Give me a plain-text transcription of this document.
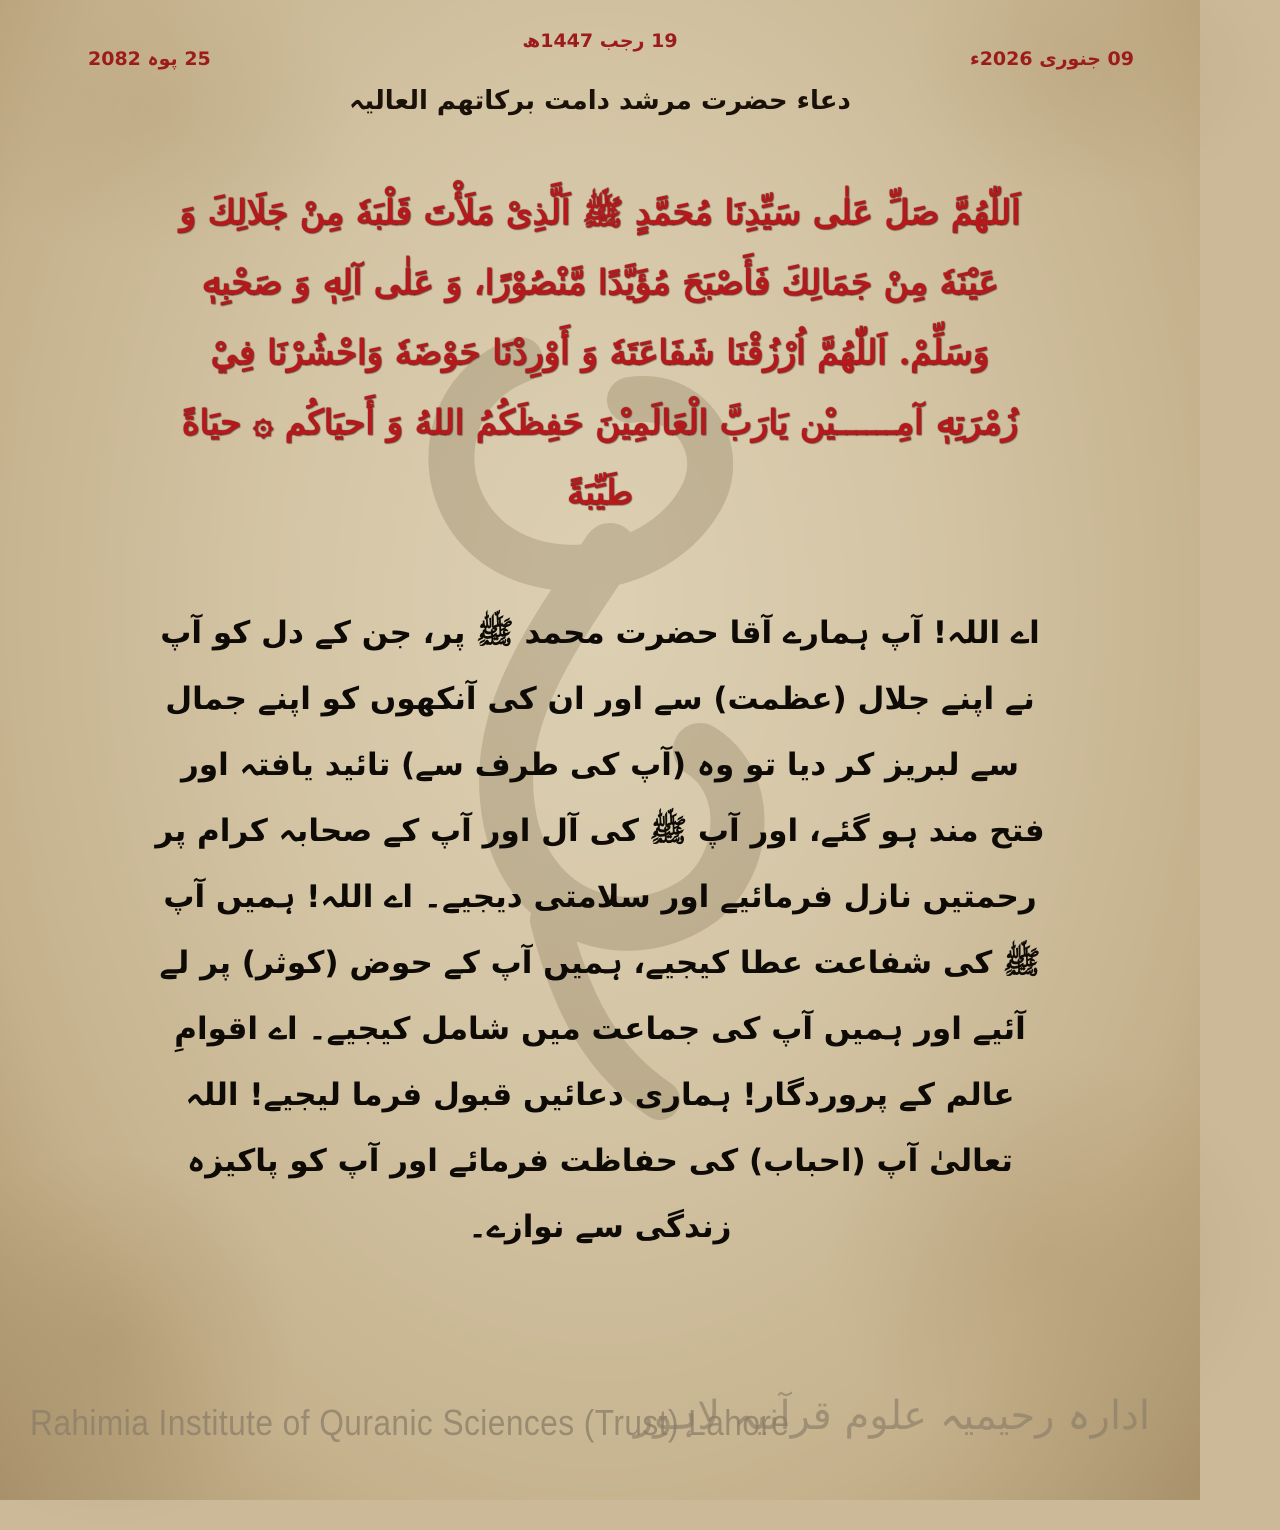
25 پوہ 2082
19 رجب 1447ھ
09 جنوری 2026ء
دعاء حضرت مرشد دامت برکاتھم العالیہ
اَللّٰهُمَّ صَلِّ عَلٰى سَيِّدِنَا مُحَمَّدٍ ﷺ اَلَّذِىْ مَلَأْتَ قَلْبَهٗ مِنْ جَلَالِكَ وَ عَيْنَهٗ مِنْ جَمَالِكَ فَأَصْبَحَ مُؤَيَّدًا مَّنْصُوْرًا، وَ عَلٰى آلِهٖ وَ صَحْبِهٖ وَسَلِّمْ. اَللّٰهُمَّ اُرْزُقْنَا شَفَاعَتَهٗ وَ أَوْرِدْنَا حَوْضَهٗ وَاحْشُرْنَا فِيْ زُمْرَتِهٖ آمِــــــيْن يَارَبَّ الْعَالَمِيْنَ حَفِظَكُمُ اللهُ وَ أَحيَاكُم ۞ حيَاةً طَيِّبَةً
اے اللہ! آپ ہمارے آقا حضرت محمد ﷺ پر، جن کے دل کو آپ نے اپنے جلال (عظمت) سے اور ان کی آنکھوں کو اپنے جمال سے لبریز کر دیا تو وہ (آپ کی طرف سے) تائید یافتہ اور فتح مند ہو گئے، اور آپ ﷺ کی آل اور آپ کے صحابہ کرام پر رحمتیں نازل فرمائیے اور سلامتی دیجیے۔ اے اللہ! ہمیں آپ ﷺ کی شفاعت عطا کیجیے، ہمیں آپ کے حوض (کوثر) پر لے آئیے اور ہمیں آپ کی جماعت میں شامل کیجیے۔ اے اقوامِ عالم کے پروردگار! ہماری دعائیں قبول فرما لیجیے! اللہ تعالیٰ آپ (احباب) کی حفاظت فرمائے اور آپ کو پاکیزہ زندگی سے نوازے۔
Rahimia Institute of Quranic Sciences (Trust) Lahore
ادارہ رحیمیہ علوم قرآنیہ لاہور
